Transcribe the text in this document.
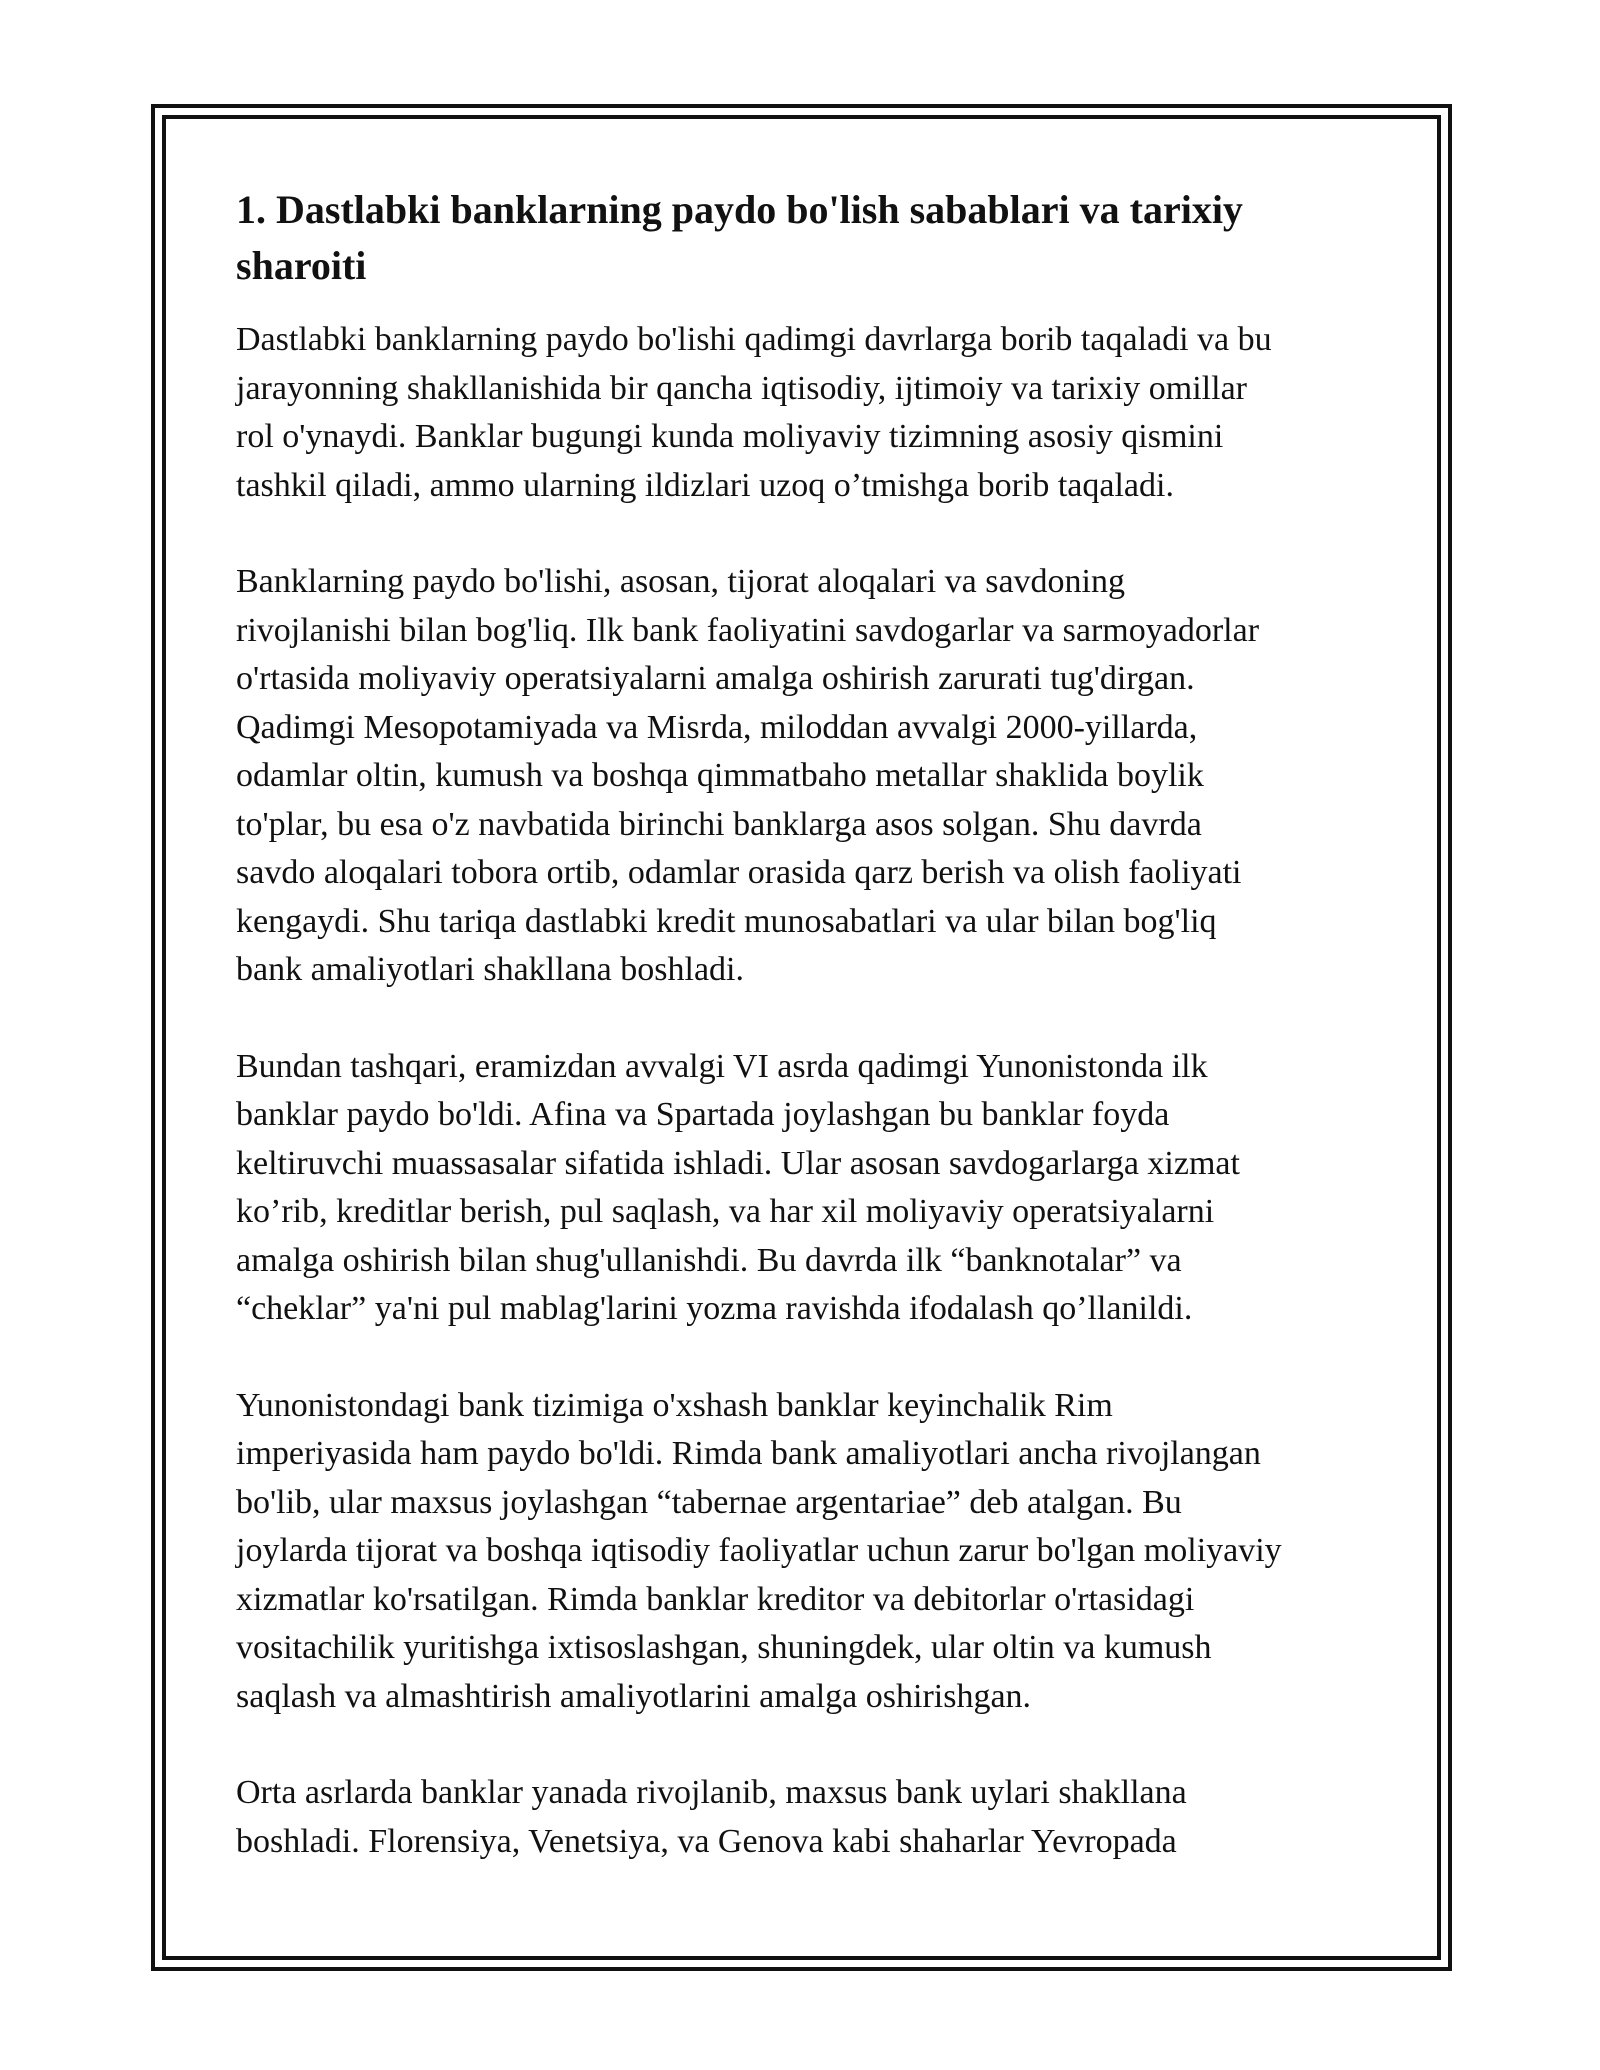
1. Dastlabki banklarning paydo bo'lish sabablari va tarixiy
sharoiti

Dastlabki banklarning paydo bo'lishi qadimgi davrlarga borib taqaladi va bu
jarayonning shakllanishida bir qancha iqtisodiy, ijtimoiy va tarixiy omillar
rol o'ynaydi. Banklar bugungi kunda moliyaviy tizimning asosiy qismini
tashkil qiladi, ammo ularning ildizlari uzoq o’tmishga borib taqaladi.

Banklarning paydo bo'lishi, asosan, tijorat aloqalari va savdoning
rivojlanishi bilan bog'liq. Ilk bank faoliyatini savdogarlar va sarmoyadorlar
o'rtasida moliyaviy operatsiyalarni amalga oshirish zarurati tug'dirgan.
Qadimgi Mesopotamiyada va Misrda, miloddan avvalgi 2000-yillarda,
odamlar oltin, kumush va boshqa qimmatbaho metallar shaklida boylik
to'plar, bu esa o'z navbatida birinchi banklarga asos solgan. Shu davrda
savdo aloqalari tobora ortib, odamlar orasida qarz berish va olish faoliyati
kengaydi. Shu tariqa dastlabki kredit munosabatlari va ular bilan bog'liq
bank amaliyotlari shakllana boshladi.

Bundan tashqari, eramizdan avvalgi VI asrda qadimgi Yunonistonda ilk
banklar paydo bo'ldi. Afina va Spartada joylashgan bu banklar foyda
keltiruvchi muassasalar sifatida ishladi. Ular asosan savdogarlarga xizmat
ko’rib, kreditlar berish, pul saqlash, va har xil moliyaviy operatsiyalarni
amalga oshirish bilan shug'ullanishdi. Bu davrda ilk “banknotalar” va
“cheklar” ya'ni pul mablag'larini yozma ravishda ifodalash qo’llanildi.

Yunonistondagi bank tizimiga o'xshash banklar keyinchalik Rim
imperiyasida ham paydo bo'ldi. Rimda bank amaliyotlari ancha rivojlangan
bo'lib, ular maxsus joylashgan “tabernae argentariae” deb atalgan. Bu
joylarda tijorat va boshqa iqtisodiy faoliyatlar uchun zarur bo'lgan moliyaviy
xizmatlar ko'rsatilgan. Rimda banklar kreditor va debitorlar o'rtasidagi
vositachilik yuritishga ixtisoslashgan, shuningdek, ular oltin va kumush
saqlash va almashtirish amaliyotlarini amalga oshirishgan.

Orta asrlarda banklar yanada rivojlanib, maxsus bank uylari shakllana
boshladi. Florensiya, Venetsiya, va Genova kabi shaharlar Yevropada
